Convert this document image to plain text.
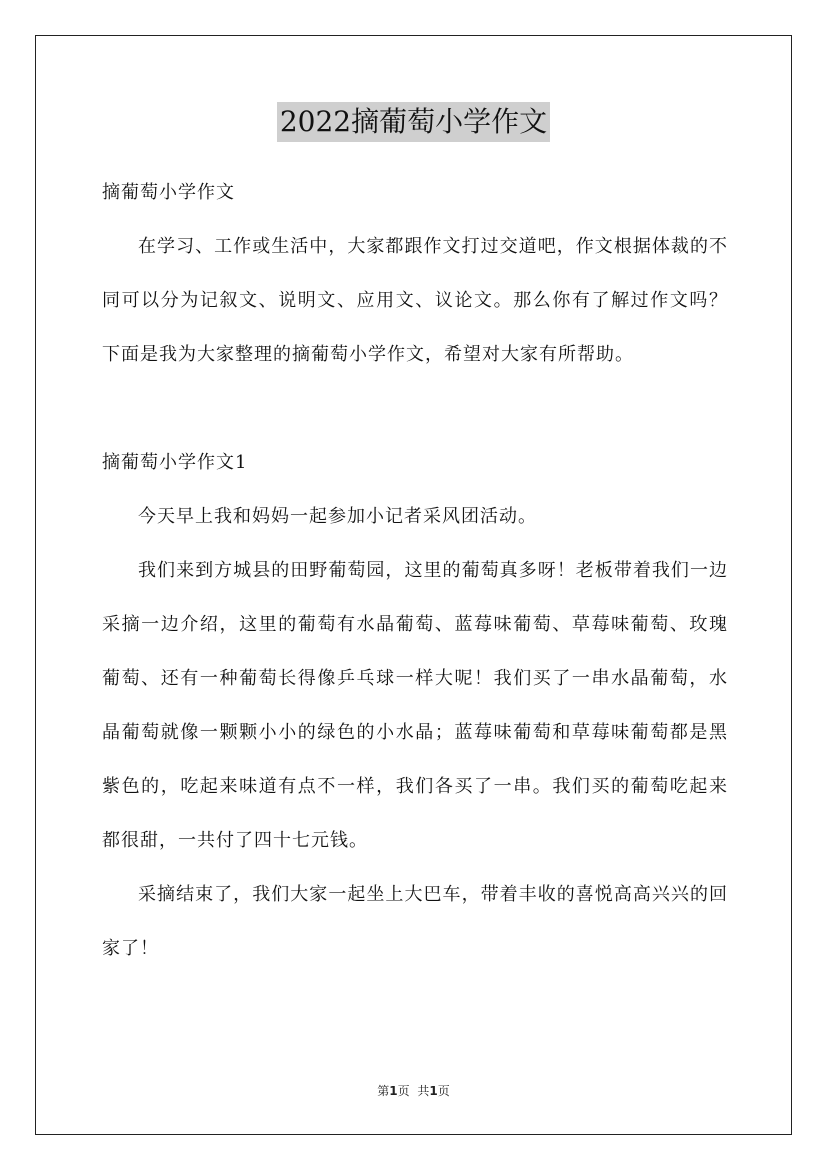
2022摘葡萄小学作文

摘葡萄小学作文

在学习、工作或生活中，大家都跟作文打过交道吧，作文根据体裁的不同可以分为记叙文、说明文、应用文、议论文。那么你有了解过作文吗？下面是我为大家整理的摘葡萄小学作文，希望对大家有所帮助。

摘葡萄小学作文1

今天早上我和妈妈一起参加小记者采风团活动。

我们来到方城县的田野葡萄园，这里的葡萄真多呀！老板带着我们一边采摘一边介绍，这里的葡萄有水晶葡萄、蓝莓味葡萄、草莓味葡萄、玫瑰葡萄、还有一种葡萄长得像乒乓球一样大呢！我们买了一串水晶葡萄，水晶葡萄就像一颗颗小小的绿色的小水晶；蓝莓味葡萄和草莓味葡萄都是黑紫色的，吃起来味道有点不一样，我们各买了一串。我们买的葡萄吃起来都很甜，一共付了四十七元钱。

采摘结束了，我们大家一起坐上大巴车，带着丰收的喜悦高高兴兴的回家了！

第1页 共1页
